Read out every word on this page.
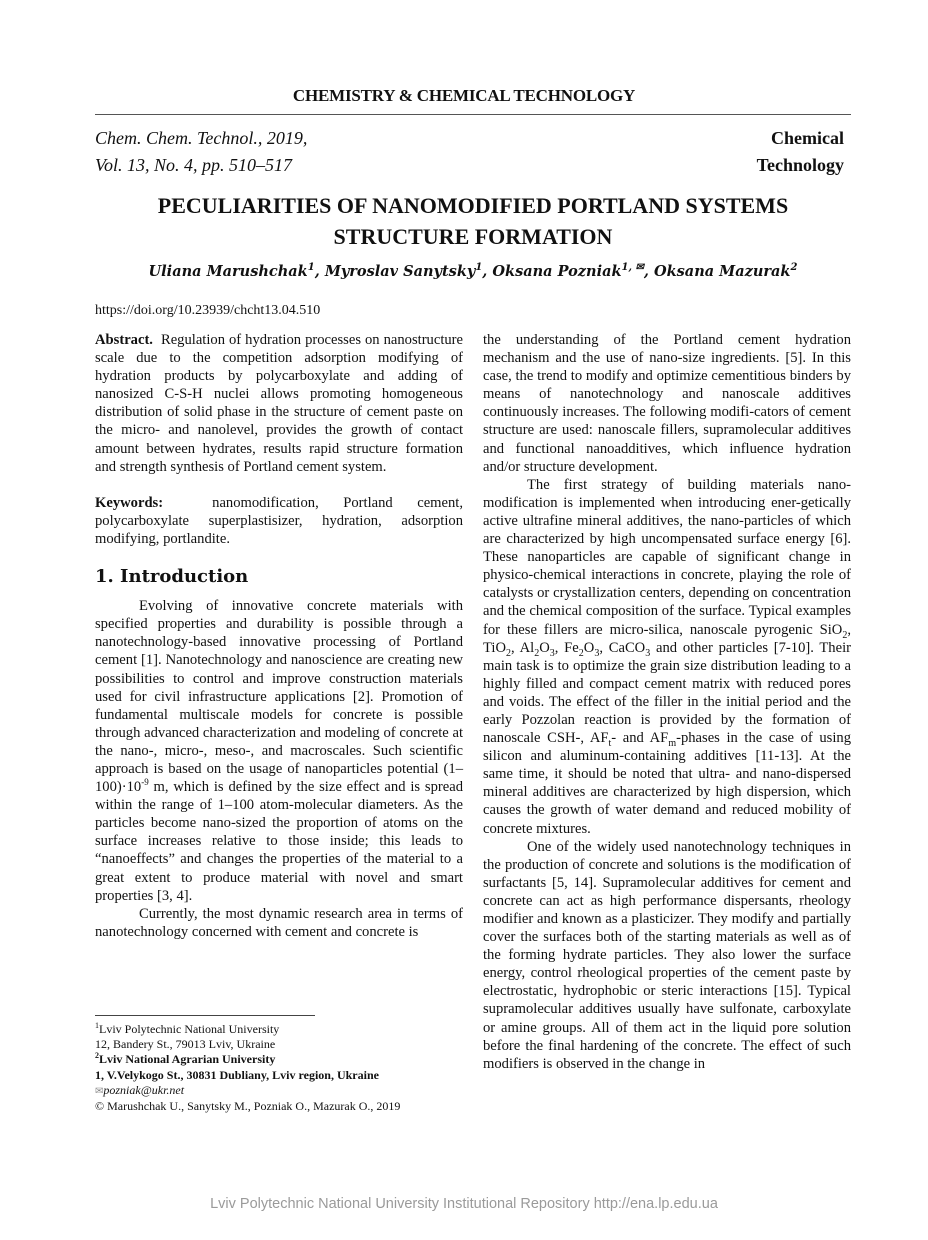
CHEMISTRY & CHEMICAL TECHNOLOGY
Chem. Chem. Technol., 2019,
Vol. 13, No. 4, pp. 510–517
Chemical
Technology
PECULIARITIES OF NANOMODIFIED PORTLAND SYSTEMS
STRUCTURE FORMATION
Uliana Marushchak$^1$, Myroslav Sanytsky$^1$, Oksana Pozniak$^{1, ✉}$, Oksana Mazurak$^2$
https://doi.org/10.23939/chcht13.04.510

Abstract. Regulation of hydration processes on nanostructure scale due to the competition adsorption modifying of hydration products by polycarboxylate and adding of nanosized C-S-H nuclei allows promoting homogeneous distribution of solid phase in the structure of cement paste on the micro- and nanolevel, provides the growth of contact amount between hydrates, results rapid structure formation and strength synthesis of Portland cement system.

Keywords:	nanomodification, Portland cement, polycarboxylate superplastisizer, hydration, adsorption modifying, portlandite.

1. Introduction

Evolving of innovative concrete materials with specified properties and durability is possible through a nanotechnology-based innovative processing of Portland cement [1]. Nanotechnology and nanoscience are creating new possibilities to control and improve construction materials used for civil infrastructure applications [2]. Promotion of fundamental multiscale models for concrete is possible through advanced characterization and modeling of concrete at the nano-, micro-, meso-, and macroscales. Such scientific approach is based on the usage of nanoparticles potential $(1-100)\cdot 10^{-9}$ m, which is defined by the size effect and is spread within the range of 1–100 atom-molecular diameters. As the particles become nano-sized the proportion of atoms on the surface increases relative to those inside; this leads to “nanoeffects” and changes the properties of the material to a great extent to produce material with novel and smart properties [3, 4].

Currently, the most dynamic research area in terms of nanotechnology concerned with cement and concrete is

the understanding of the Portland cement hydration mechanism and the use of nano-size ingredients. [5]. In this case, the trend to modify and optimize cementitious binders by means of nanotechnology and nanoscale additives continuously increases. The following modifi-cators of cement structure are used: nanoscale fillers, supramolecular additives and functional nanoadditives, which influence hydration and/or structure development.

The first strategy of building materials nano-modification is implemented when introducing ener-getically active ultrafine mineral additives, the nano-particles of which are characterized by high uncompensated surface energy [6]. These nanoparticles are capable of significant change in physico-chemical interactions in concrete, playing the role of catalysts or crystallization centers, depending on concentration and the chemical composition of the surface. Typical examples for these fillers are micro-silica, nanoscale pyrogenic SiO$_2$, TiO$_2$, $Al_2O_3$, $Fe_2O_3$, CaCO$_3$ and other particles [7-10]. Their main task is to optimize the grain size distribution leading to a highly filled and compact cement matrix with reduced pores and voids. The effect of the filler in the initial period and the early Pozzolan reaction is provided by the formation of nanoscale CSH-, $AF_t-$ and $AF_m$-phases in the case of using silicon and aluminum-containing additives [11-13]. At the same time, it should be noted that ultra- and nano-dispersed mineral additives are characterized by high dispersion, which causes the growth of water demand and reduced mobility of concrete mixtures.

One of the widely used nanotechnology techniques in the production of concrete and solutions is the modification of surfactants [5, 14]. Supramolecular additives for cement and concrete can act as high performance dispersants, rheology modifier and known as a plasticizer. They modify and partially cover the surfaces both of the starting materials as well as of the forming hydrate particles. They also lower the surface energy, control rheological properties of the cement paste by electrostatic, hydrophobic or steric interactions [15]. Typical supramolecular additives usually have sulfonate, carboxylate or amine groups. All of them act in the liquid pore solution before the final hardening of the concrete. The effect of such modifiers is observed in the change in

$^1$Lviv Polytechnic National University
12, Bandery St., 79013 Lviv, Ukraine
$^2$Lviv National Agrarian University
1, V.Velykogo St., 30831 Dubliany, Lviv region, Ukraine
✉pozniak@ukr.net
© Marushchak U., Sanytsky M., Pozniak O., Mazurak O., 2019
Lviv Polytechnic National University Institutional Repository http://ena.lp.edu.ua
